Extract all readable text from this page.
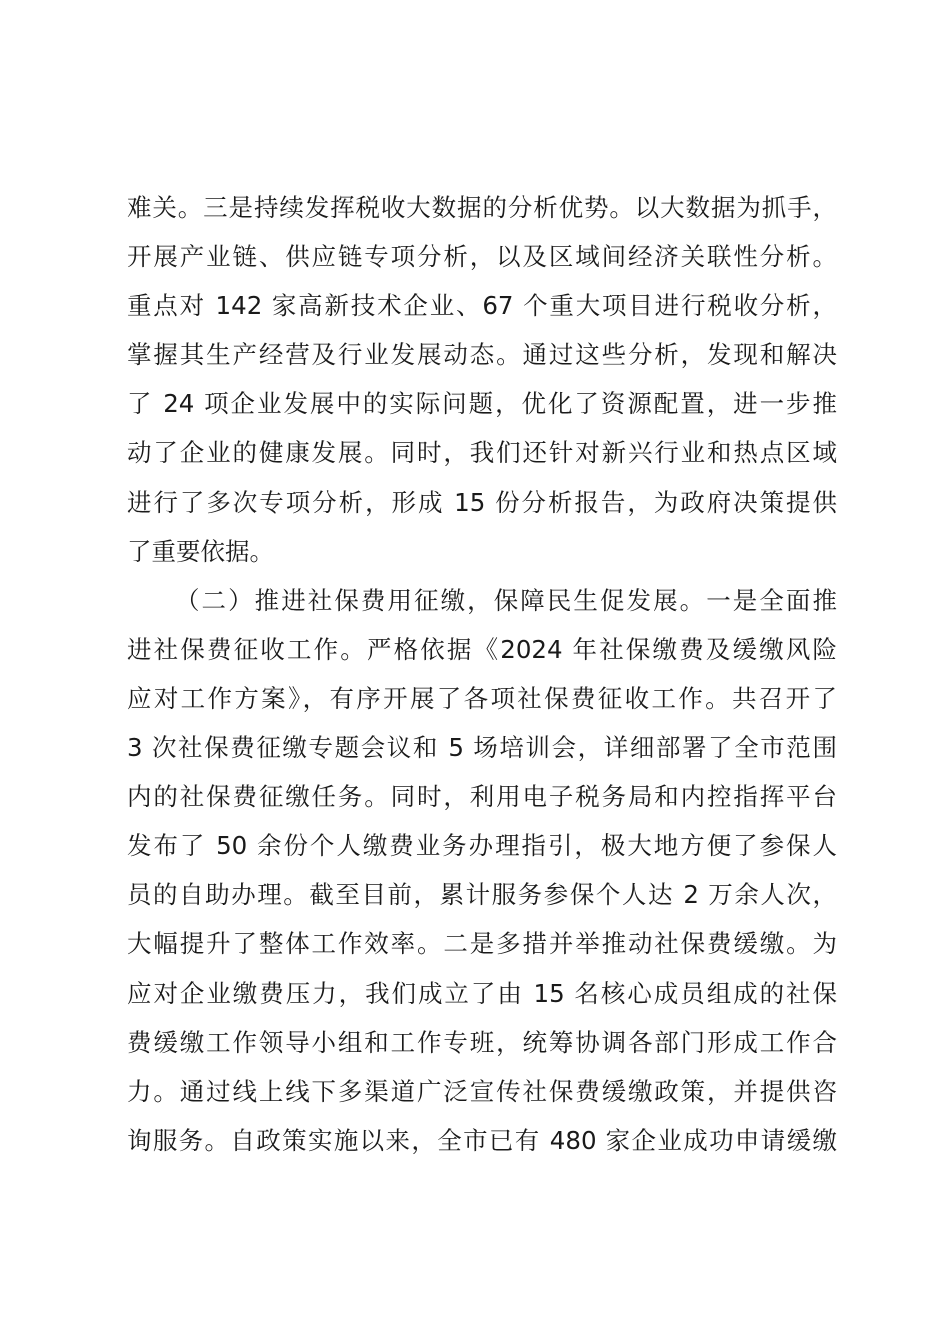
难关。三是持续发挥税收大数据的分析优势。以大数据为抓手，
开展产业链、供应链专项分析，以及区域间经济关联性分析。
重点对 142 家高新技术企业、67 个重大项目进行税收分析，
掌握其生产经营及行业发展动态。通过这些分析，发现和解决
了 24 项企业发展中的实际问题，优化了资源配置，进一步推
动了企业的健康发展。同时，我们还针对新兴行业和热点区域
进行了多次专项分析，形成 15 份分析报告，为政府决策提供
了重要依据。
（二）推进社保费用征缴，保障民生促发展。一是全面推
进社保费征收工作。严格依据《2024 年社保缴费及缓缴风险
应对工作方案》，有序开展了各项社保费征收工作。共召开了
3 次社保费征缴专题会议和 5 场培训会，详细部署了全市范围
内的社保费征缴任务。同时，利用电子税务局和内控指挥平台
发布了 50 余份个人缴费业务办理指引，极大地方便了参保人
员的自助办理。截至目前，累计服务参保个人达 2 万余人次，
大幅提升了整体工作效率。二是多措并举推动社保费缓缴。为
应对企业缴费压力，我们成立了由 15 名核心成员组成的社保
费缓缴工作领导小组和工作专班，统筹协调各部门形成工作合
力。通过线上线下多渠道广泛宣传社保费缓缴政策，并提供咨
询服务。自政策实施以来，全市已有 480 家企业成功申请缓缴
